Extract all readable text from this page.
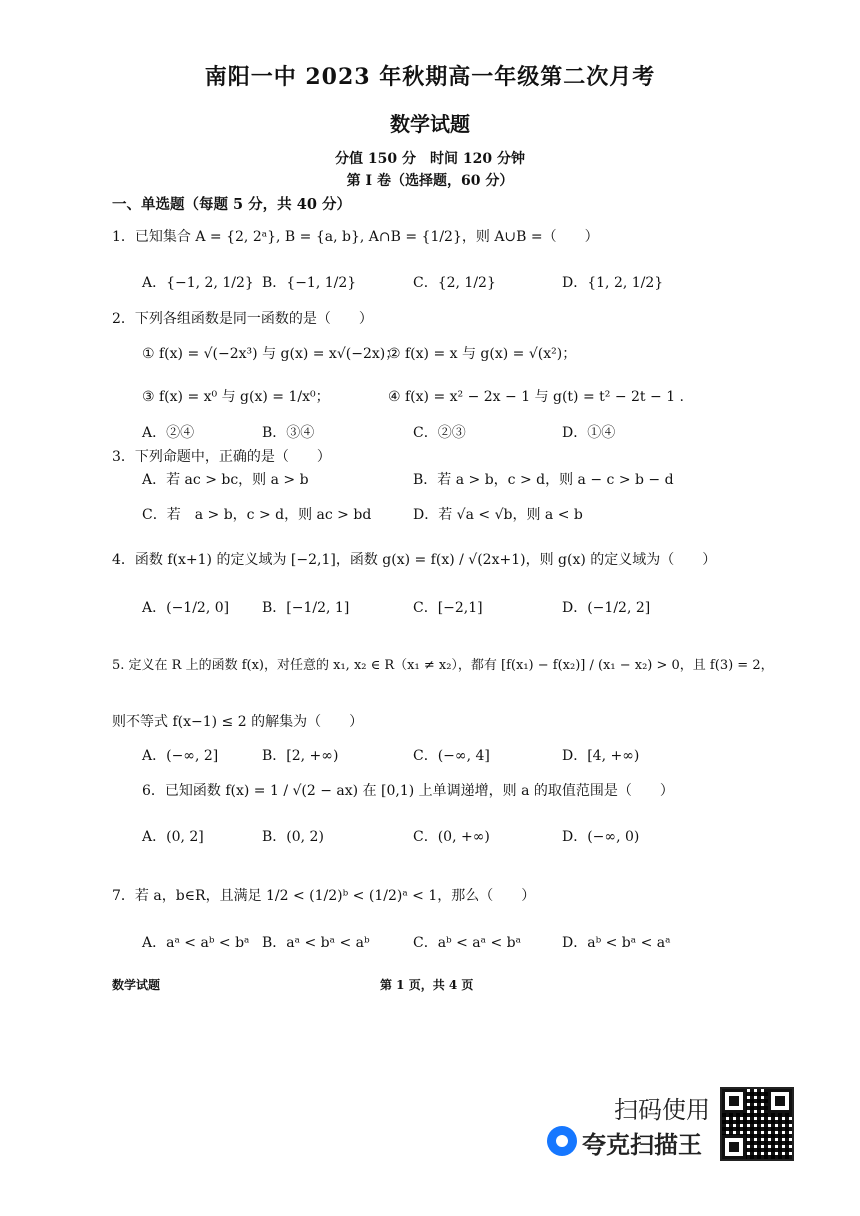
南阳一中 2023 年秋期高一年级第二次月考
数学试题
分值 150 分　时间 120 分钟
第 I 卷（选择题，60 分）
一、单选题（每题 5 分，共 40 分）
1．已知集合 A = {2, 2ᵃ}, B = {a, b}, A∩B = {1/2}，则 A∪B =（　　）
A．{−1, 2, 1/2} B．{−1, 1/2}	C．{2, 1/2}	D．{1, 2, 1/2}
2．下列各组函数是同一函数的是（　　）
① f(x) = √(−2x³) 与 g(x) = x√(−2x)；
② f(x) = x 与 g(x) = √(x²)；
③ f(x) = x⁰ 与 g(x) = 1/x⁰；	④ f(x) = x² − 2x − 1 与 g(t) = t² − 2t − 1 .
A．②④	B．③④	C．②③	D．①④
3．下列命题中，正确的是（　　）
A．若 ac > bc，则 a > b	B．若 a > b，c > d，则 a − c > b − d
C．若　a > b，c > d，则 ac > bd	D．若 √a < √b，则 a < b
4．函数 f(x+1) 的定义域为 [−2,1]，函数 g(x) = f(x) / √(2x+1)，则 g(x) 的定义域为（　　）
A．(−1/2, 0] B．[−1/2, 1]	C．[−2,1]	D．(−1/2, 2]
5. 定义在 R 上的函数 f(x)，对任意的 x₁, x₂ ∈ R（x₁ ≠ x₂），都有 [f(x₁) − f(x₂)] / (x₁ − x₂) > 0，且 f(3) = 2，
则不等式 f(x−1) ≤ 2 的解集为（　　）
A．(−∞, 2]	B．[2, +∞)	C．(−∞, 4]	D．[4, +∞)
6．已知函数 f(x) = 1 / √(2 − ax) 在 [0,1) 上单调递增，则 a 的取值范围是（　　）
A．(0, 2]	B．(0, 2)	C．(0, +∞)	D．(−∞, 0)
7．若 a，b∈R，且满足 1/2 < (1/2)ᵇ < (1/2)ᵃ < 1，那么（　　）
A．aᵃ < aᵇ < bᵃ B．aᵃ < bᵃ < aᵇ	C．aᵇ < aᵃ < bᵃ	D．aᵇ < bᵃ < aᵃ
数学试题	第 1 页，共 4 页
扫码使用
夸克扫描王
